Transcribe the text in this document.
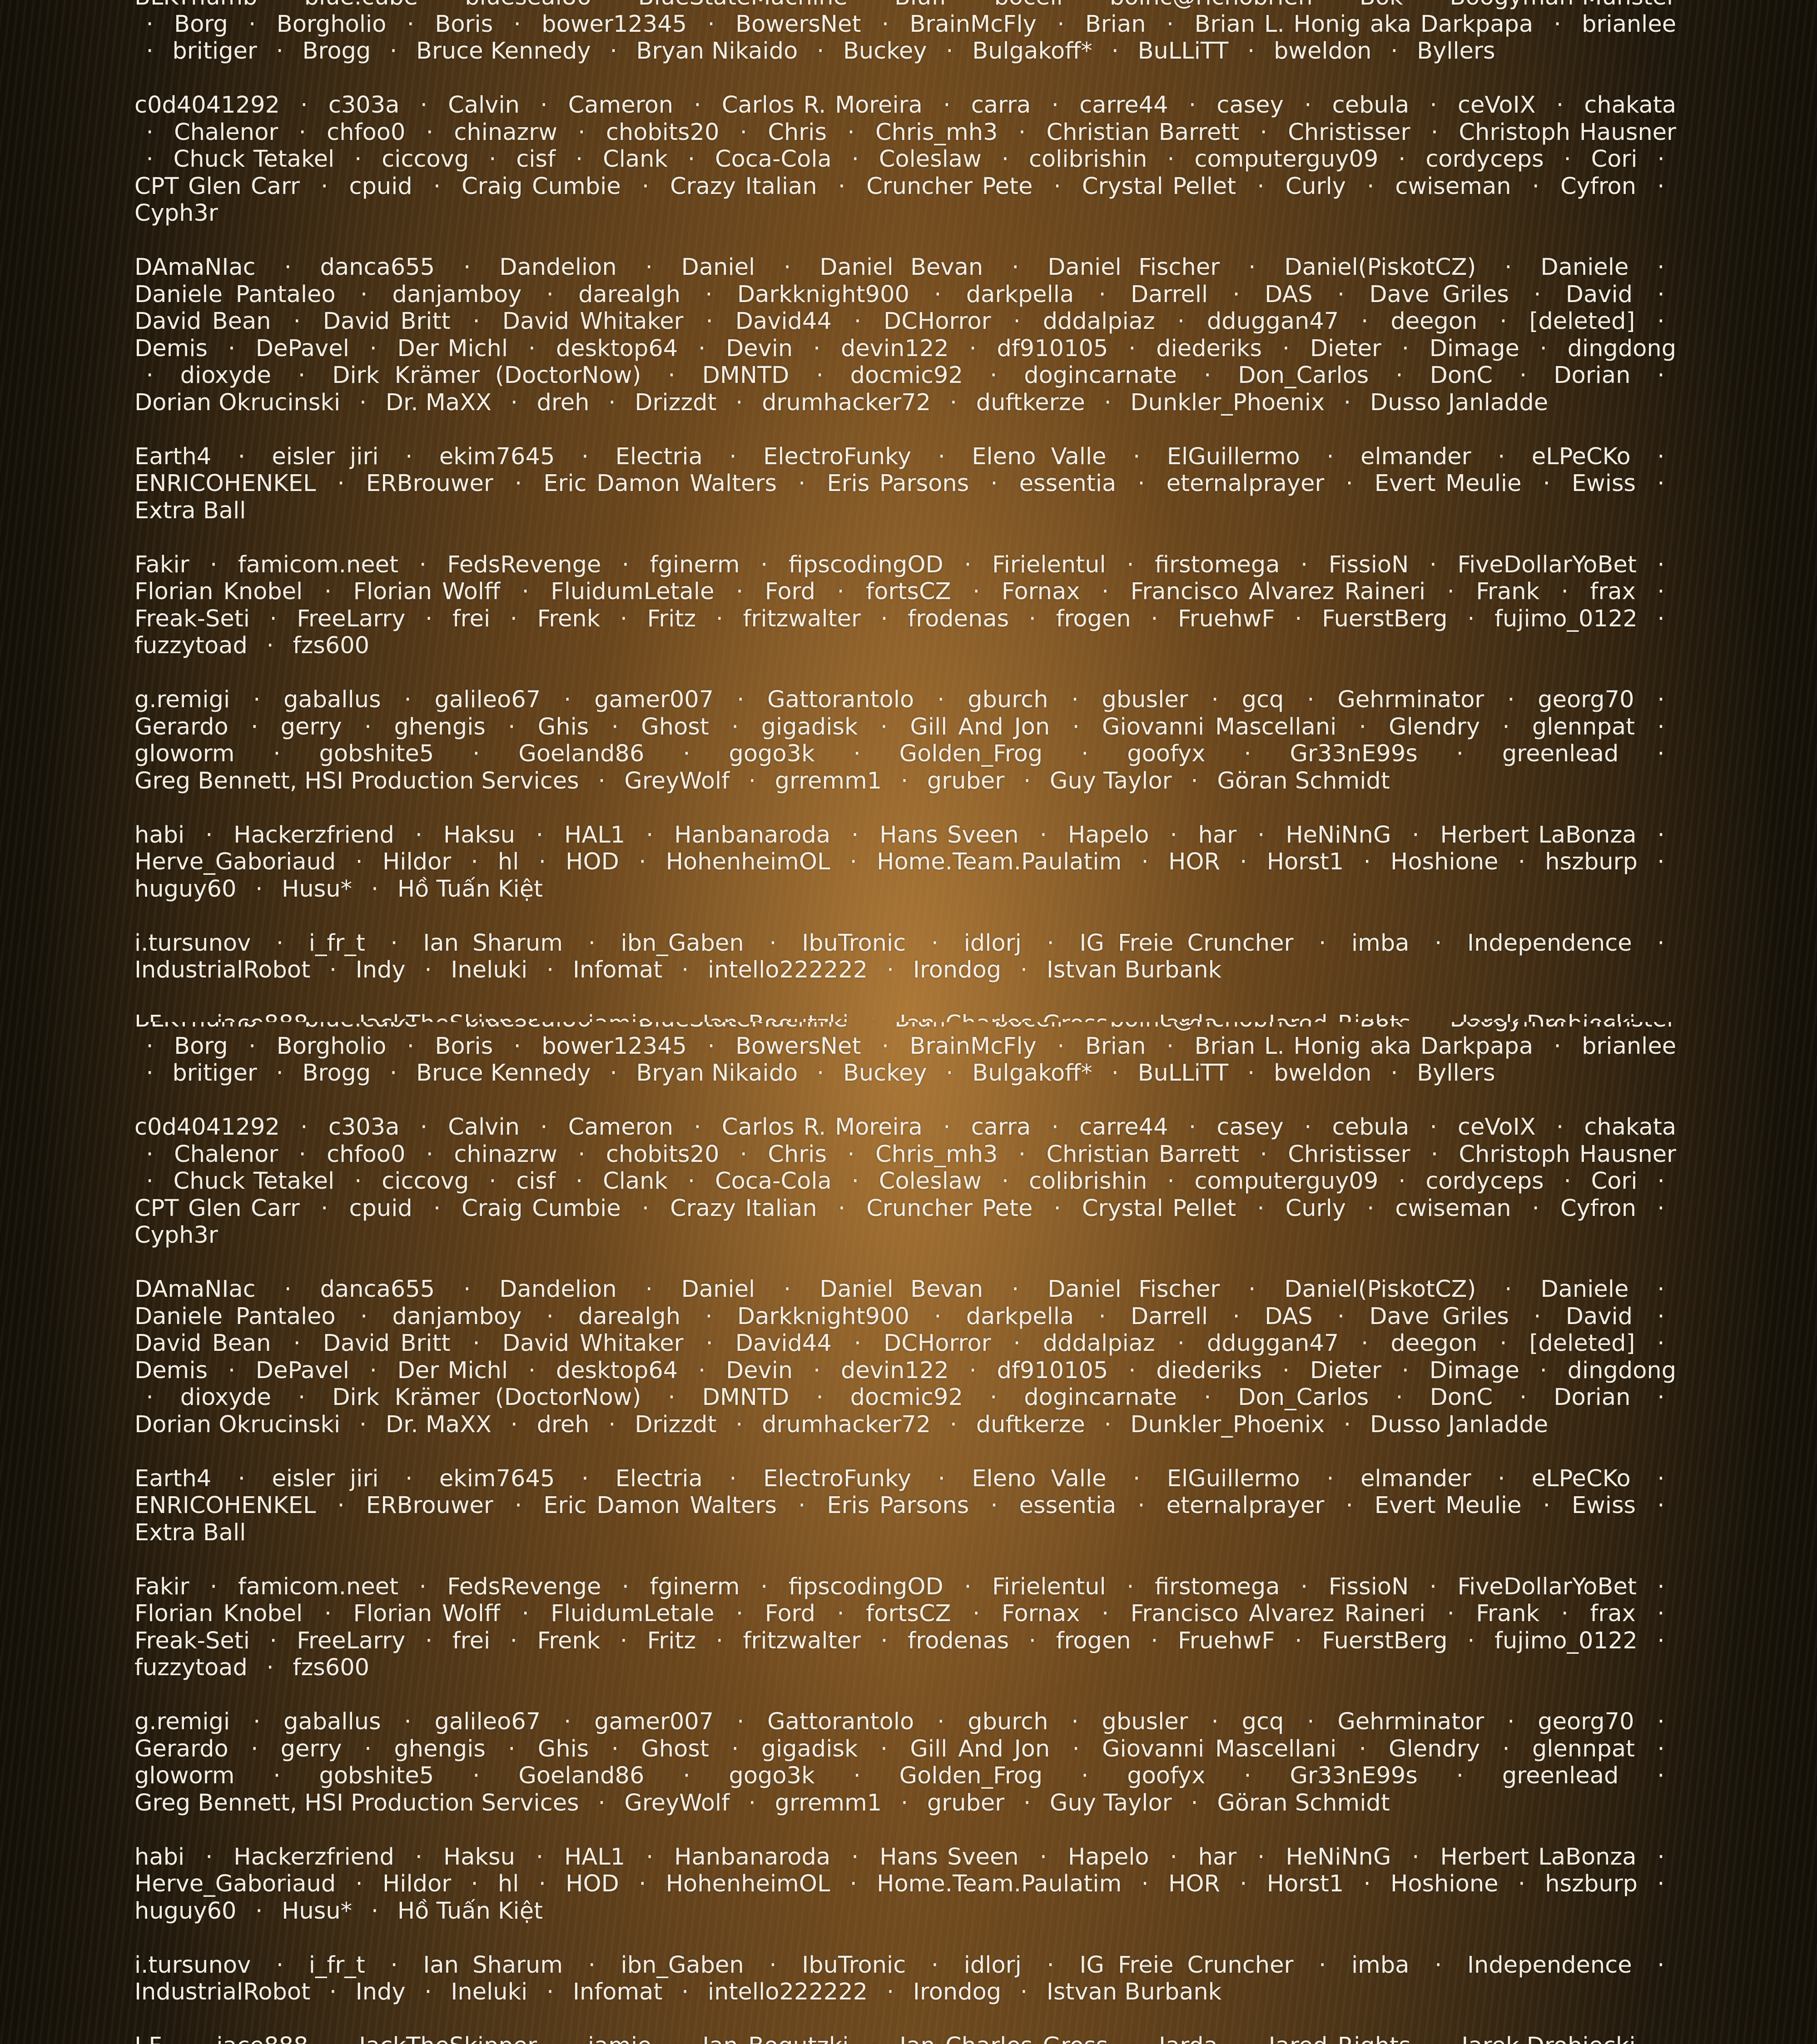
· Borg · Borgholio · Boris · bower12345 · BowersNet · BrainMcFly · Brian · Brian L. Honig aka Darkpapa · brianlee · britiger · Brogg · Bruce Kennedy · Bryan Nikaido · Buckey · Bulgakoff* · BuLLiTT · bweldon · Byllers

c0d4041292 · c303a · Calvin · Cameron · Carlos R. Moreira · carra · carre44 · casey · cebula · ceVoIX · chakata · Chalenor · chfoo0 · chinazrw · chobits20 · Chris · Chris_mh3 · Christian Barrett · Christisser · Christoph Hausner · Chuck Tetakel · ciccovg · cisf · Clank · Coca-Cola · Coleslaw · colibrishin · computerguy09 · cordyceps · Cori · CPT Glen Carr · cpuid · Craig Cumbie · Crazy Italian · Cruncher Pete · Crystal Pellet · Curly · cwiseman · Cyfron · Cyph3r

DAmaNIac · danca655 · Dandelion · Daniel · Daniel Bevan · Daniel Fischer · Daniel(PiskotCZ) · Daniele · Daniele Pantaleo · danjamboy · darealgh · Darkknight900 · darkpella · Darrell · DAS · Dave Griles · David · David Bean · David Britt · David Whitaker · David44 · DCHorror · dddalpiaz · dduggan47 · deegon · [deleted] · Demis · DePavel · Der Michl · desktop64 · Devin · devin122 · df910105 · diederiks · Dieter · Dimage · dingdong · dioxyde · Dirk Krämer (DoctorNow) · DMNTD · docmic92 · dogincarnate · Don_Carlos · DonC · Dorian · Dorian Okrucinski · Dr. MaXX · dreh · Drizzdt · drumhacker72 · duftkerze · Dunkler_Phoenix · Dusso Janladde

Earth4 · eisler jiri · ekim7645 · Electria · ElectroFunky · Eleno Valle · ElGuillermo · elmander · eLPeCKo · ENRICOHENKEL · ERBrouwer · Eric Damon Walters · Eris Parsons · essentia · eternalprayer · Evert Meulie · Ewiss · Extra Ball

Fakir · famicom.neet · FedsRevenge · fginerm · fipscodingOD · Firielentul · firstomega · FissioN · FiveDollarYoBet · Florian Knobel · Florian Wolff · FluidumLetale · Ford · fortsCZ · Fornax · Francisco Alvarez Raineri · Frank · frax · Freak-Seti · FreeLarry · frei · Frenk · Fritz · fritzwalter · frodenas · frogen · FruehwF · FuerstBerg · fujimo_0122 · fuzzytoad · fzs600

g.remigi · gaballus · galileo67 · gamer007 · Gattorantolo · gburch · gbusler · gcq · Gehrminator · georg70 · Gerardo · gerry · ghengis · Ghis · Ghost · gigadisk · Gill And Jon · Giovanni Mascellani · Glendry · glennpat · gloworm · gobshite5 · Goeland86 · gogo3k · Golden_Frog · goofyx · Gr33nE99s · greenlead · Greg Bennett, HSI Production Services · GreyWolf · grremm1 · gruber · Guy Taylor · Göran Schmidt

habi · Hackerzfriend · Haksu · HAL1 · Hanbanaroda · Hans Sveen · Hapelo · har · HeNiNnG · Herbert LaBonza · Herve_Gaboriaud · Hildor · hl · HOD · HohenheimOL · Home.Team.Paulatim · HOR · Horst1 · Hoshione · hszburp · huguy60 · Husu* · Hồ Tuấn Kiệt

i.tursunov · i_fr_t · Ian Sharum · ibn_Gaben · IbuTronic · idlorj · IG Freie Cruncher · imba · Independence · IndustrialRobot · Indy · Ineluki · Infomat · intello222222 · Irondog · Istvan Burbank

· Borg · Borgholio · Boris · bower12345 · BowersNet · BrainMcFly · Brian · Brian L. Honig aka Darkpapa · brianlee · britiger · Brogg · Bruce Kennedy · Bryan Nikaido · Buckey · Bulgakoff* · BuLLiTT · bweldon · Byllers

c0d4041292 · c303a · Calvin · Cameron · Carlos R. Moreira · carra · carre44 · casey · cebula · ceVoIX · chakata · Chalenor · chfoo0 · chinazrw · chobits20 · Chris · Chris_mh3 · Christian Barrett · Christisser · Christoph Hausner · Chuck Tetakel · ciccovg · cisf · Clank · Coca-Cola · Coleslaw · colibrishin · computerguy09 · cordyceps · Cori · CPT Glen Carr · cpuid · Craig Cumbie · Crazy Italian · Cruncher Pete · Crystal Pellet · Curly · cwiseman · Cyfron · Cyph3r

DAmaNIac · danca655 · Dandelion · Daniel · Daniel Bevan · Daniel Fischer · Daniel(PiskotCZ) · Daniele · Daniele Pantaleo · danjamboy · darealgh · Darkknight900 · darkpella · Darrell · DAS · Dave Griles · David · David Bean · David Britt · David Whitaker · David44 · DCHorror · dddalpiaz · dduggan47 · deegon · [deleted] · Demis · DePavel · Der Michl · desktop64 · Devin · devin122 · df910105 · diederiks · Dieter · Dimage · dingdong · dioxyde · Dirk Krämer (DoctorNow) · DMNTD · docmic92 · dogincarnate · Don_Carlos · DonC · Dorian · Dorian Okrucinski · Dr. MaXX · dreh · Drizzdt · drumhacker72 · duftkerze · Dunkler_Phoenix · Dusso Janladde

Earth4 · eisler jiri · ekim7645 · Electria · ElectroFunky · Eleno Valle · ElGuillermo · elmander · eLPeCKo · ENRICOHENKEL · ERBrouwer · Eric Damon Walters · Eris Parsons · essentia · eternalprayer · Evert Meulie · Ewiss · Extra Ball

Fakir · famicom.neet · FedsRevenge · fginerm · fipscodingOD · Firielentul · firstomega · FissioN · FiveDollarYoBet · Florian Knobel · Florian Wolff · FluidumLetale · Ford · fortsCZ · Fornax · Francisco Alvarez Raineri · Frank · frax · Freak-Seti · FreeLarry · frei · Frenk · Fritz · fritzwalter · frodenas · frogen · FruehwF · FuerstBerg · fujimo_0122 · fuzzytoad · fzs600

g.remigi · gaballus · galileo67 · gamer007 · Gattorantolo · gburch · gbusler · gcq · Gehrminator · georg70 · Gerardo · gerry · ghengis · Ghis · Ghost · gigadisk · Gill And Jon · Giovanni Mascellani · Glendry · glennpat · gloworm · gobshite5 · Goeland86 · gogo3k · Golden_Frog · goofyx · Gr33nE99s · greenlead · Greg Bennett, HSI Production Services · GreyWolf · grremm1 · gruber · Guy Taylor · Göran Schmidt

habi · Hackerzfriend · Haksu · HAL1 · Hanbanaroda · Hans Sveen · Hapelo · har · HeNiNnG · Herbert LaBonza · Herve_Gaboriaud · Hildor · hl · HOD · HohenheimOL · Home.Team.Paulatim · HOR · Horst1 · Hoshione · hszburp · huguy60 · Husu* · Hồ Tuấn Kiệt

i.tursunov · i_fr_t · Ian Sharum · ibn_Gaben · IbuTronic · idlorj · IG Freie Cruncher · imba · Independence · IndustrialRobot · Indy · Ineluki · Infomat · intello222222 · Irondog · Istvan Burbank
